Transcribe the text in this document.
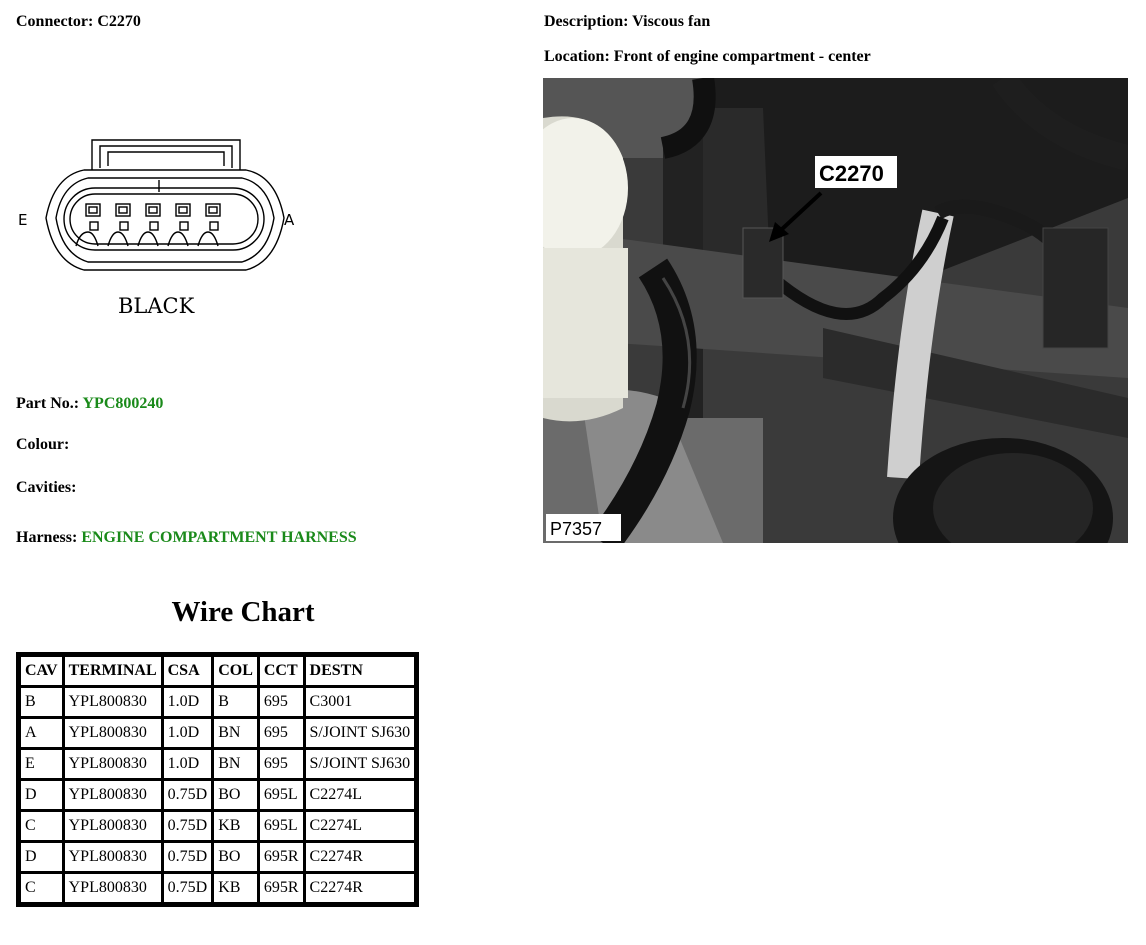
Connector: C2270	Description: Viscous fan
Location: Front of engine compartment - center
E	A
BLACK
Part No.: YPC800240
Colour:
Cavities:
Harness: ENGINE COMPARTMENT HARNESS
C2270
P7357
Wire Chart
CAV	TERMINAL	CSA	COL	CCT	DESTN
B	YPL800830	1.0D	B	695	C3001
A	YPL800830	1.0D	BN	695	S/JOINT SJ630
E	YPL800830	1.0D	BN	695	S/JOINT SJ630
D	YPL800830	0.75D	BO	695L	C2274L
C	YPL800830	0.75D	KB	695L	C2274L
D	YPL800830	0.75D	BO	695R	C2274R
C	YPL800830	0.75D	KB	695R	C2274R
